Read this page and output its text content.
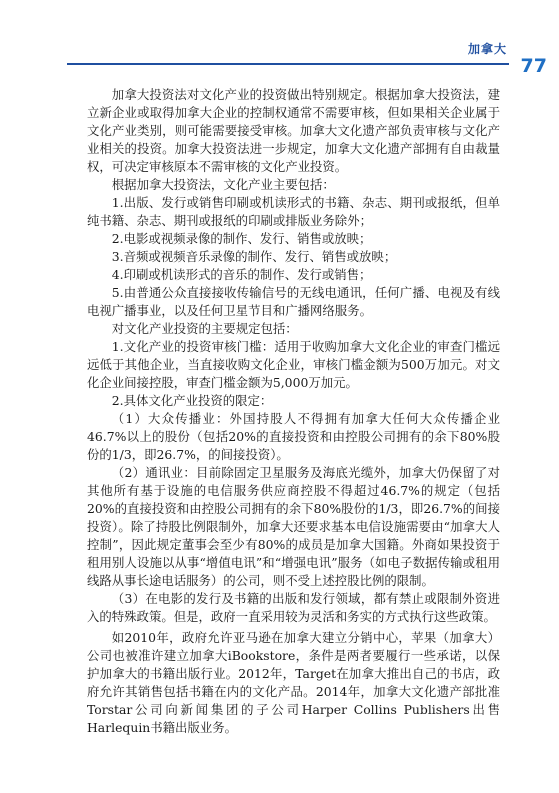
加拿大
77

加拿大投资法对文化产业的投资做出特别规定。根据加拿大投资法，建立新企业或取得加拿大企业的控制权通常不需要审核，但如果相关企业属于文化产业类别，则可能需要接受审核。加拿大文化遗产部负责审核与文化产业相关的投资。加拿大投资法进一步规定，加拿大文化遗产部拥有自由裁量权，可决定审核原本不需审核的文化产业投资。

根据加拿大投资法，文化产业主要包括：

1.出版、发行或销售印刷或机读形式的书籍、杂志、期刊或报纸，但单纯书籍、杂志、期刊或报纸的印刷或排版业务除外；

2.电影或视频录像的制作、发行、销售或放映；

3.音频或视频音乐录像的制作、发行、销售或放映；

4.印刷或机读形式的音乐的制作、发行或销售；

5.由普通公众直接接收传输信号的无线电通讯，任何广播、电视及有线电视广播事业，以及任何卫星节目和广播网络服务。

对文化产业投资的主要规定包括：

1.文化产业的投资审核门槛：适用于收购加拿大文化企业的审查门槛远远低于其他企业，当直接收购文化企业，审核门槛金额为500万加元。对文化企业间接控股，审查门槛金额为5,000万加元。

2.具体文化产业投资的限定：

（1）大众传播业：外国持股人不得拥有加拿大任何大众传播企业46.7%以上的股份（包括20%的直接投资和由控股公司拥有的余下80%股份的1/3，即26.7%，的间接投资）。

（2）通讯业：目前除固定卫星服务及海底光缆外，加拿大仍保留了对其他所有基于设施的电信服务供应商控股不得超过46.7%的规定（包括20%的直接投资和由控股公司拥有的余下80%股份的1/3，即26.7%的间接投资）。除了持股比例限制外，加拿大还要求基本电信设施需要由“加拿大人控制”，因此规定董事会至少有80%的成员是加拿大国籍。外商如果投资于租用别人设施以从事“增值电讯”和“增强电讯”服务（如电子数据传输或租用线路从事长途电话服务）的公司，则不受上述控股比例的限制。

（3）在电影的发行及书籍的出版和发行领域，都有禁止或限制外资进入的特殊政策。但是，政府一直采用较为灵活和务实的方式执行这些政策。

如2010年，政府允许亚马逊在加拿大建立分销中心，苹果（加拿大）公司也被准许建立加拿大iBookstore，条件是两者要履行一些承诺，以保护加拿大的书籍出版行业。2012年，Target在加拿大推出自己的书店，政府允许其销售包括书籍在内的文化产品。2014年，加拿大文化遗产部批准Torstar公司向新闻集团的子公司Harper Collins Publishers出售Harlequin书籍出版业务。
